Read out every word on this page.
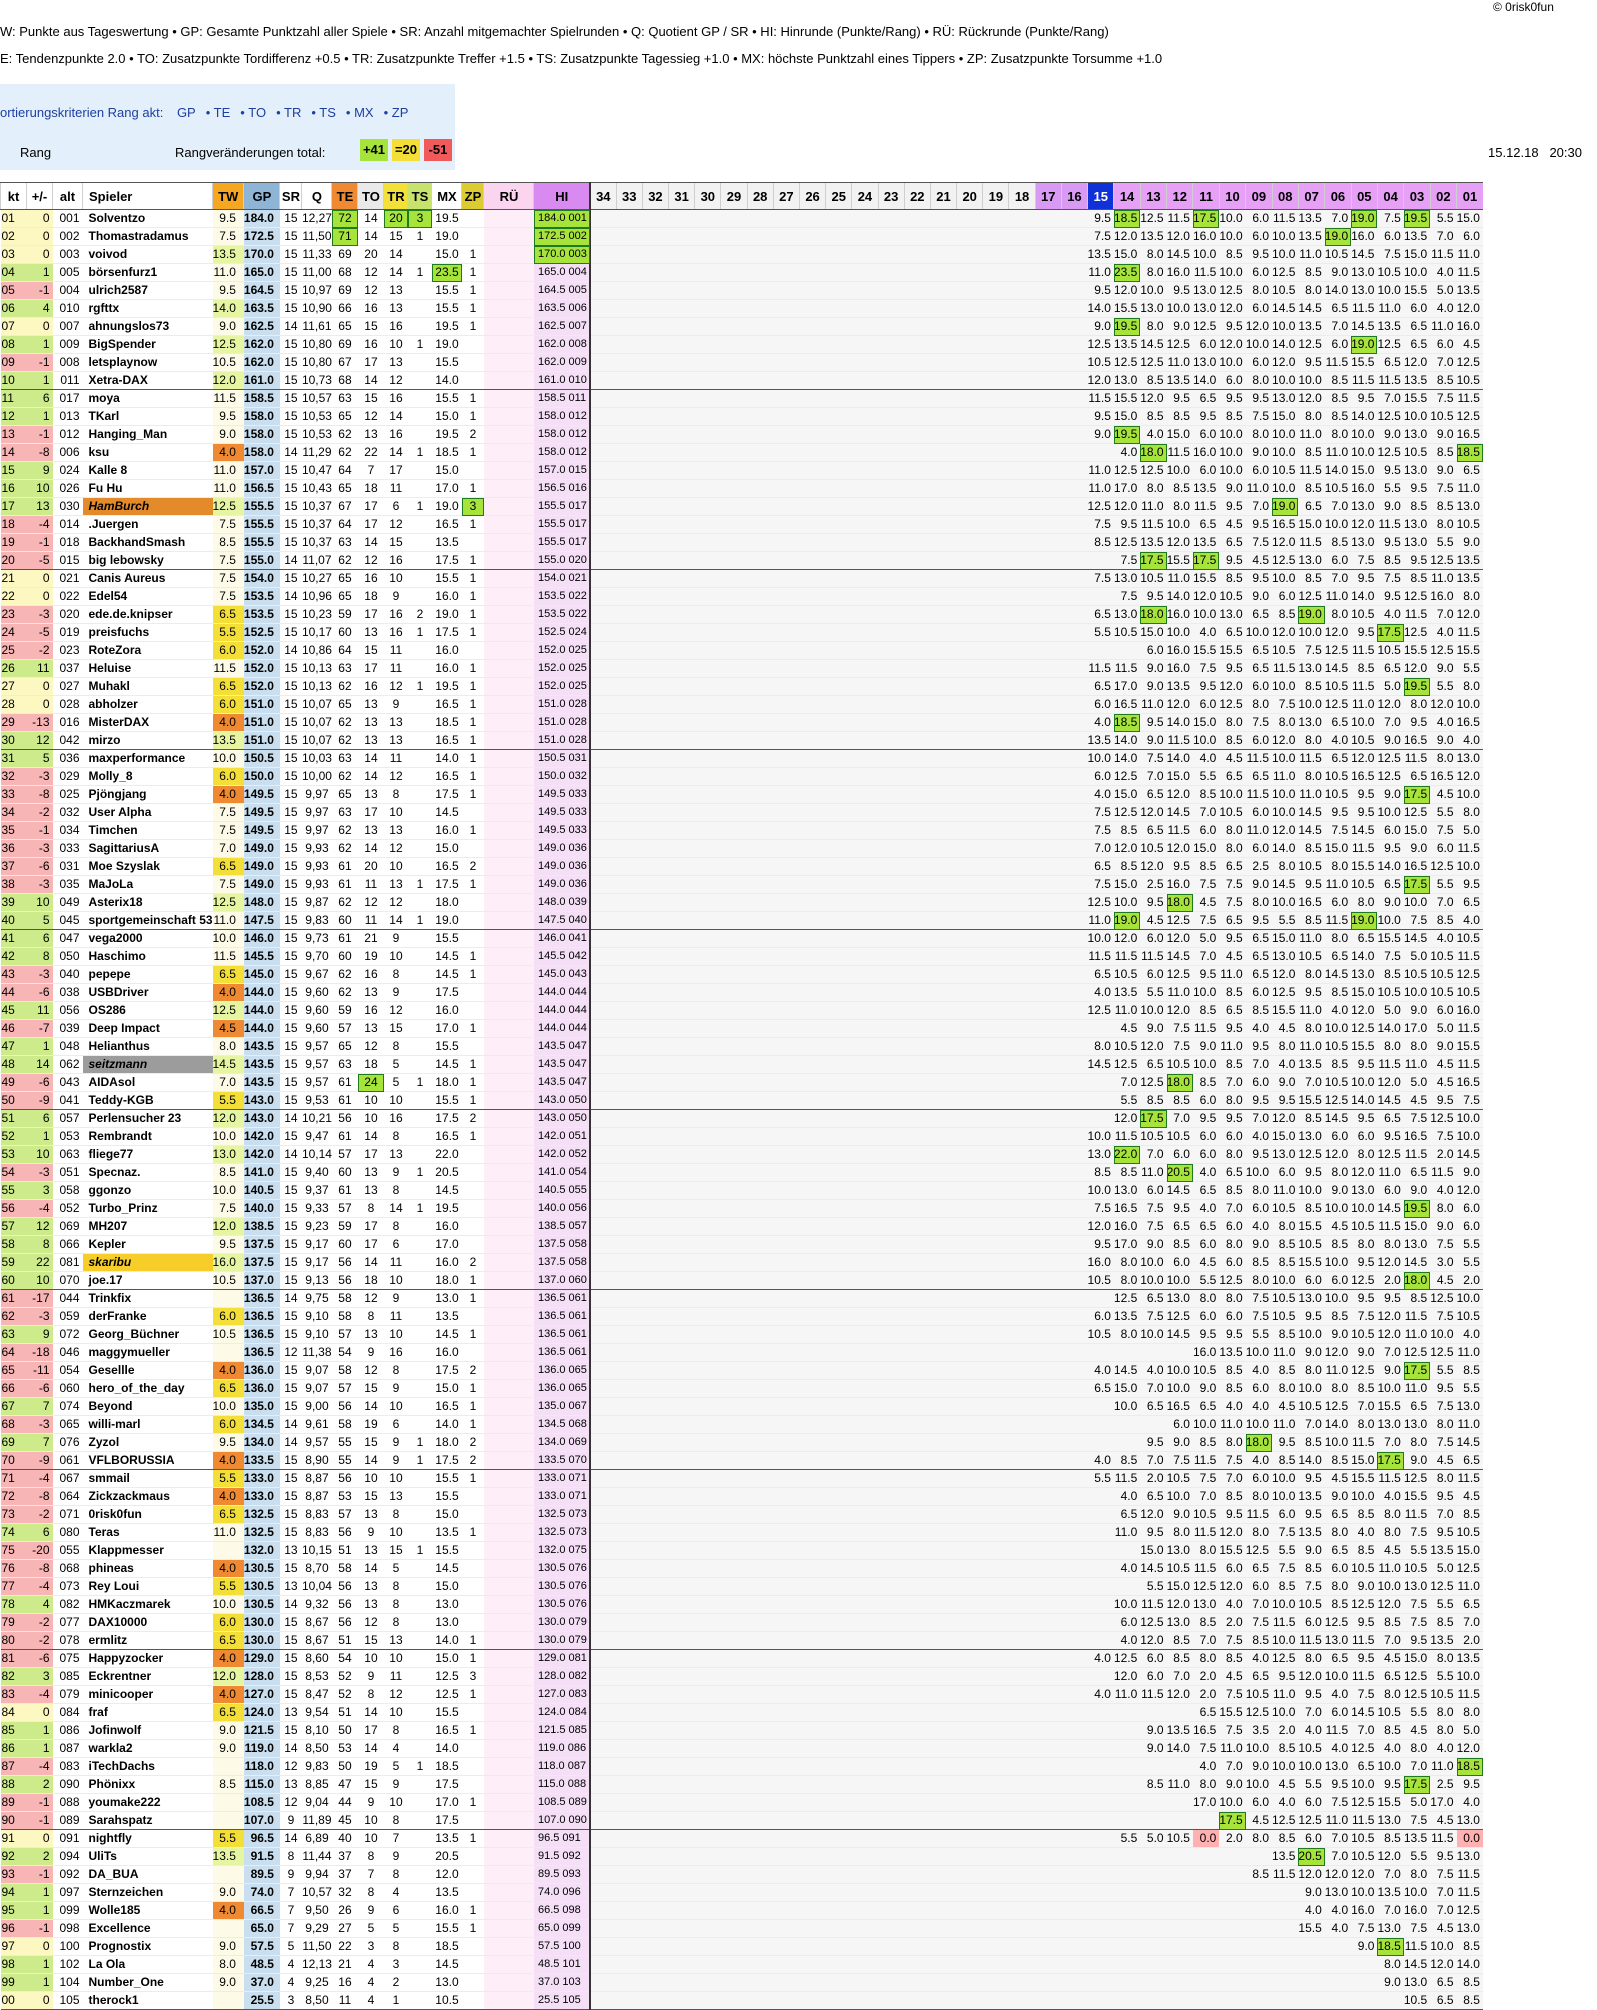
© 0risk0fun
W: Punkte aus Tageswertung • GP: Gesamte Punktzahl aller Spiele • SR: Anzahl mitgemachter Spielrunden • Q: Quotient GP / SR • HI: Hinrunde (Punkte/Rang) • RÜ: Rückrunde (Punkte/Rang)
E: Tendenzpunkte 2.0 • TO: Zusatzpunkte Tordifferenz +0.5 • TR: Zusatzpunkte Treffer +1.5 • TS: Zusatzpunkte Tagessieg +1.0 • MX: höchste Punktzahl eines Tippers • ZP: Zusatzpunkte Torsumme +1.0
ortierungskriterien Rang akt: GP • TE • TO • TR • TS • MX • ZP
Rang	Rangveränderungen total:	+41 =20 -51	15.12.18 20:30
kt	+/-	alt	Spieler	TW	GP	SR	Q	TE	TO	TR	TS	MX	ZP	RÜ	HI	34	33	32	31	30	29	28	27	26	25	24	23	22	21	20	19	18	17	16	15	14	13	12	11	10	09	08	07	06	05	04	03	02	01
01	0	001	Solventzo	9.5	184.0	15	12,27	72	14	20	3	19.5			184.0 001																				9.5	18.5	12.5	11.5	17.5	10.0	6.0	11.5	13.5	7.0	19.0	7.5	19.5	5.5	15.0
02	0	002	Thomastradamus	7.5	172.5	15	11,50	71	14	15	1	19.0			172.5 002																				7.5	12.0	13.5	12.0	16.0	10.0	6.0	10.0	13.5	19.0	16.0	6.0	13.5	7.0	6.0
03	0	003	voivod	13.5	170.0	15	11,33	69	20	14		15.0	1		170.0 003																				13.5	15.0	8.0	14.5	10.0	8.5	9.5	10.0	11.0	10.5	14.5	7.5	15.0	11.5	11.0
04	1	005	börsenfurz1	11.0	165.0	15	11,00	68	12	14	1	23.5	1		165.0 004																				11.0	23.5	8.0	16.0	11.5	10.0	6.0	12.5	8.5	9.0	13.0	10.5	10.0	4.0	11.5
05	-1	004	ulrich2587	9.5	164.5	15	10,97	69	12	13		15.5	1		164.5 005																				9.5	12.0	10.0	9.5	13.0	12.5	8.0	10.5	8.0	14.0	13.0	10.0	15.5	5.0	13.5
06	4	010	rgfttx	14.0	163.5	15	10,90	66	16	13		15.5	1		163.5 006																				14.0	15.5	13.0	10.0	13.0	12.0	6.0	14.5	14.5	6.5	11.5	11.0	6.0	4.0	12.0
07	0	007	ahnungslos73	9.0	162.5	14	11,61	65	15	16		19.5	1		162.5 007																				9.0	19.5	8.0	9.0	12.5	9.5	12.0	10.0	13.5	7.0	14.5	13.5	6.5	11.0	16.0
08	1	009	BigSpender	12.5	162.0	15	10,80	69	16	10	1	19.0			162.0 008																				12.5	13.5	14.5	12.5	6.0	12.0	10.0	14.0	12.5	6.0	19.0	12.5	6.5	6.0	4.5
09	-1	008	letsplaynow	10.5	162.0	15	10,80	67	17	13		15.5			162.0 009																				10.5	12.5	12.5	11.0	13.0	10.0	6.0	12.0	9.5	11.5	15.5	6.5	12.0	7.0	12.5
10	1	011	Xetra-DAX	12.0	161.0	15	10,73	68	14	12		14.0			161.0 010																				12.0	13.0	8.5	13.5	14.0	6.0	8.0	10.0	10.0	8.5	11.5	11.5	13.5	8.5	10.5
11	6	017	moya	11.5	158.5	15	10,57	63	15	16		15.5	1		158.5 011																				11.5	15.5	12.0	9.5	6.5	9.5	9.5	13.0	12.0	8.5	9.5	7.0	15.5	7.5	11.5
12	1	013	TKarl	9.5	158.0	15	10,53	65	12	14		15.0	1		158.0 012																				9.5	15.0	8.5	8.5	9.5	8.5	7.5	15.0	8.0	8.5	14.0	12.5	10.0	10.5	12.5
13	-1	012	Hanging_Man	9.0	158.0	15	10,53	62	13	16		19.5	2		158.0 012																				9.0	19.5	4.0	15.0	6.0	10.0	8.0	10.0	11.0	8.0	10.0	9.0	13.0	9.0	16.5
14	-8	006	ksu	4.0	158.0	14	11,29	62	22	14	1	18.5	1		158.0 012																					4.0	18.0	11.5	16.0	10.0	9.0	10.0	8.5	11.0	10.0	12.5	10.5	8.5	18.5
15	9	024	Kalle 8	11.0	157.0	15	10,47	64	7	17		15.0			157.0 015																				11.0	12.5	12.5	10.0	6.0	10.0	6.0	10.5	11.5	14.0	15.0	9.5	13.0	9.0	6.5
16	10	026	Fu Hu	11.0	156.5	15	10,43	65	18	11		17.0	1		156.5 016																				11.0	17.0	8.0	8.5	13.5	9.0	11.0	10.0	8.5	10.5	16.0	5.5	9.5	7.5	11.0
17	13	030	HamBurch	12.5	155.5	15	10,37	67	17	6	1	19.0	3		155.5 017																				12.5	12.0	11.0	8.0	11.5	9.5	7.0	19.0	6.5	7.0	13.0	9.0	8.5	8.5	13.0
18	-4	014	.Juergen	7.5	155.5	15	10,37	64	17	12		16.5	1		155.5 017																				7.5	9.5	11.5	10.0	6.5	4.5	9.5	16.5	15.0	10.0	12.0	11.5	13.0	8.0	10.5
19	-1	018	BackhandSmash	8.5	155.5	15	10,37	63	14	15		13.5			155.5 017																				8.5	12.5	13.5	12.0	13.5	6.5	7.5	12.0	11.5	8.5	13.0	9.5	13.0	5.5	9.0
20	-5	015	big lebowsky	7.5	155.0	14	11,07	62	12	16		17.5	1		155.0 020																					7.5	17.5	15.5	17.5	9.5	4.5	12.5	13.0	6.0	7.5	8.5	9.5	12.5	13.5
21	0	021	Canis Aureus	7.5	154.0	15	10,27	65	16	10		15.5	1		154.0 021																				7.5	13.0	10.5	11.0	15.5	8.5	9.5	10.0	8.5	7.0	9.5	7.5	8.5	11.0	13.5
22	0	022	Edel54	7.5	153.5	14	10,96	65	18	9		16.0	1		153.5 022																					7.5	9.5	14.0	12.0	10.5	9.0	6.0	12.5	11.0	14.0	9.5	12.5	16.0	8.0
23	-3	020	ede.de.knipser	6.5	153.5	15	10,23	59	17	16	2	19.0	1		153.5 022																				6.5	13.0	18.0	16.0	10.0	13.0	6.5	8.5	19.0	8.0	10.5	4.0	11.5	7.0	12.0
24	-5	019	preisfuchs	5.5	152.5	15	10,17	60	13	16	1	17.5	1		152.5 024																				5.5	10.5	15.0	10.0	4.0	6.5	10.0	12.0	10.0	12.0	9.5	17.5	12.5	4.0	11.5
25	-2	023	RoteZora	6.0	152.0	14	10,86	64	15	11		16.0			152.0 025																						6.0	16.0	15.5	15.5	6.5	10.5	7.5	12.5	11.5	10.5	15.5	12.5	15.5
26	11	037	Heluise	11.5	152.0	15	10,13	63	17	11		16.0	1		152.0 025																				11.5	11.5	9.0	16.0	7.5	9.5	6.5	11.5	13.0	14.5	8.5	6.5	12.0	9.0	5.5
27	0	027	Muhakl	6.5	152.0	15	10,13	62	16	12	1	19.5	1		152.0 025																				6.5	17.0	9.0	13.5	9.5	12.0	6.0	10.0	8.5	10.5	11.5	5.0	19.5	5.5	8.0
28	0	028	abholzer	6.0	151.0	15	10,07	65	13	9		16.5	1		151.0 028																				6.0	16.5	11.0	12.0	6.0	12.5	8.0	7.5	10.0	12.5	11.0	12.0	8.0	12.0	10.0
29	-13	016	MisterDAX	4.0	151.0	15	10,07	62	13	13		18.5	1		151.0 028																				4.0	18.5	9.5	14.0	15.0	8.0	7.5	8.0	13.0	6.5	10.0	7.0	9.5	4.0	16.5
30	12	042	mirzo	13.5	151.0	15	10,07	62	13	13		16.5	1		151.0 028																				13.5	14.0	9.0	11.5	10.0	8.5	6.0	12.0	8.0	4.0	10.5	9.0	16.5	9.0	4.0
31	5	036	maxperformance	10.0	150.5	15	10,03	63	14	11		14.0	1		150.5 031																				10.0	14.0	7.5	14.0	4.0	4.5	11.5	10.0	11.5	6.5	12.0	12.5	11.5	8.0	13.0
32	-3	029	Molly_8	6.0	150.0	15	10,00	62	14	12		16.5	1		150.0 032																				6.0	12.5	7.0	15.0	5.5	6.5	6.5	11.0	8.0	10.5	16.5	12.5	6.5	16.5	12.0
33	-8	025	Pjöngjang	4.0	149.5	15	9,97	65	13	8		17.5	1		149.5 033																				4.0	15.0	6.5	12.0	8.5	10.0	11.5	10.0	11.0	10.5	9.5	9.0	17.5	4.5	10.0
34	-2	032	User Alpha	7.5	149.5	15	9,97	63	17	10		14.5			149.5 033																				7.5	12.5	12.0	14.5	7.0	10.5	6.0	10.0	14.5	9.5	9.5	10.0	12.5	5.5	8.0
35	-1	034	Timchen	7.5	149.5	15	9,97	62	13	13		16.0	1		149.5 033																				7.5	8.5	6.5	11.5	6.0	8.0	11.0	12.0	14.5	7.5	14.5	6.0	15.0	7.5	5.0
36	-3	033	SagittariusA	7.0	149.0	15	9,93	62	14	12		15.0			149.0 036																				7.0	12.0	10.5	12.0	15.0	8.0	6.0	14.0	8.5	15.0	11.5	9.5	9.0	6.0	11.5
37	-6	031	Moe Szyslak	6.5	149.0	15	9,93	61	20	10		16.5	2		149.0 036																				6.5	8.5	12.0	9.5	8.5	6.5	2.5	8.0	10.5	8.0	15.5	14.0	16.5	12.5	10.0
38	-3	035	MaJoLa	7.5	149.0	15	9,93	61	11	13	1	17.5	1		149.0 036																				7.5	15.0	2.5	16.0	7.5	7.5	9.0	14.5	9.5	11.0	10.5	6.5	17.5	5.5	9.5
39	10	049	Asterix18	12.5	148.0	15	9,87	62	12	12		18.0			148.0 039																				12.5	10.0	9.5	18.0	4.5	7.5	8.0	10.0	16.5	6.0	8.0	9.0	10.0	7.0	6.5
40	5	045	sportgemeinschaft 53	11.0	147.5	15	9,83	60	11	14	1	19.0			147.5 040																				11.0	19.0	4.5	12.5	7.5	6.5	9.5	5.5	8.5	11.5	19.0	10.0	7.5	8.5	4.0
41	6	047	vega2000	10.0	146.0	15	9,73	61	21	9		15.5			146.0 041																				10.0	12.0	6.0	12.0	5.0	9.5	6.5	15.0	11.0	8.0	6.5	15.5	14.5	4.0	10.5
42	8	050	Haschimo	11.5	145.5	15	9,70	60	19	10		14.5	1		145.5 042																				11.5	11.5	11.5	14.5	7.0	4.5	6.5	13.0	10.5	6.5	14.0	7.5	5.0	10.5	11.5
43	-3	040	pepepe	6.5	145.0	15	9,67	62	16	8		14.5	1		145.0 043																				6.5	10.5	6.0	12.5	9.5	11.0	6.5	12.0	8.0	14.5	13.0	8.5	10.5	10.5	12.5
44	-6	038	USBDriver	4.0	144.0	15	9,60	62	13	9		17.5			144.0 044																				4.0	13.5	5.5	11.0	10.0	8.5	6.0	12.5	9.5	8.5	15.0	10.5	10.0	10.5	10.5
45	11	056	OS286	12.5	144.0	15	9,60	59	16	12		16.0			144.0 044																				12.5	11.0	10.0	12.0	8.5	6.5	8.5	15.5	11.0	4.0	12.0	5.0	9.0	6.0	16.0
46	-7	039	Deep Impact	4.5	144.0	15	9,60	57	13	15		17.0	1		144.0 044																					4.5	9.0	7.5	11.5	9.5	4.0	4.5	8.0	10.0	12.5	14.0	17.0	5.0	11.5
47	1	048	Helianthus	8.0	143.5	15	9,57	65	12	8		15.5			143.5 047																				8.0	10.5	12.0	7.5	9.0	11.0	9.5	8.0	11.0	10.5	15.5	8.0	8.0	9.0	15.5
48	14	062	seitzmann	14.5	143.5	15	9,57	63	18	5		14.5	1		143.5 047																				14.5	12.5	6.5	10.5	10.0	8.5	7.0	4.0	13.5	8.5	9.5	11.5	11.0	4.5	11.5
49	-6	043	AIDAsol	7.0	143.5	15	9,57	61	24	5	1	18.0	1		143.5 047																					7.0	12.5	18.0	8.5	7.0	6.0	9.0	7.0	10.5	10.0	12.0	5.0	4.5	16.5
50	-9	041	Teddy-KGB	5.5	143.0	15	9,53	61	10	10		15.5	1		143.0 050																					5.5	8.5	8.5	6.0	8.0	9.5	9.5	15.5	12.5	14.0	14.5	4.5	9.5	7.5
51	6	057	Perlensucher 23	12.0	143.0	14	10,21	56	10	16		17.5	2		143.0 050																					12.0	17.5	7.0	9.5	9.5	7.0	12.0	8.5	14.5	9.5	6.5	7.5	12.5	10.0
52	1	053	Rembrandt	10.0	142.0	15	9,47	61	14	8		16.5	1		142.0 051																				10.0	11.5	10.5	10.5	6.0	6.0	4.0	15.0	13.0	6.0	6.0	9.5	16.5	7.5	10.0
53	10	063	fliege77	13.0	142.0	14	10,14	57	17	13		22.0			142.0 052																				13.0	22.0	7.0	6.0	6.0	8.0	9.5	13.0	12.5	12.0	8.0	12.5	11.5	2.0	14.5
54	-3	051	Specnaz.	8.5	141.0	15	9,40	60	13	9	1	20.5			141.0 054																				8.5	8.5	11.0	20.5	4.0	6.5	10.0	6.0	9.5	8.0	12.0	11.0	6.5	11.5	9.0
55	3	058	ggonzo	10.0	140.5	15	9,37	61	13	8		14.5			140.5 055																				10.0	13.0	6.0	14.5	6.5	8.5	8.0	11.0	10.0	9.0	13.0	6.0	9.0	4.0	12.0
56	-4	052	Turbo_Prinz	7.5	140.0	15	9,33	57	8	14	1	19.5			140.0 056																				7.5	16.5	7.5	9.5	4.0	7.0	6.0	10.5	8.5	10.0	10.0	14.5	19.5	8.0	6.0
57	12	069	MH207	12.0	138.5	15	9,23	59	17	8		16.0			138.5 057																				12.0	16.0	7.5	6.5	6.5	6.0	4.0	8.0	15.5	4.5	10.5	11.5	15.0	9.0	6.0
58	8	066	Kepler	9.5	137.5	15	9,17	60	17	6		17.0			137.5 058																				9.5	17.0	9.0	8.5	6.0	8.0	9.0	8.5	10.5	8.5	8.0	8.0	13.0	7.5	5.5
59	22	081	skaribu	16.0	137.5	15	9,17	56	14	11		16.0	2		137.5 058																				16.0	8.0	10.0	6.0	4.5	6.0	8.5	8.5	15.5	10.0	9.5	12.0	14.5	3.0	5.5
60	10	070	joe.17	10.5	137.0	15	9,13	56	18	10		18.0	1		137.0 060																				10.5	8.0	10.0	10.0	5.5	12.5	8.0	10.0	6.0	6.0	12.5	2.0	18.0	4.5	2.0
61	-17	044	Trinkfix		136.5	14	9,75	58	12	9		13.0	1		136.5 061																					12.5	6.5	13.0	8.0	8.0	7.5	10.5	13.0	10.0	9.5	9.5	8.5	12.5	10.0
62	-3	059	derFranke	6.0	136.5	15	9,10	58	8	11		13.5			136.5 061																				6.0	13.5	7.5	12.5	6.0	6.0	7.5	10.5	9.5	8.5	7.5	12.0	11.5	7.5	10.5
63	9	072	Georg_Büchner	10.5	136.5	15	9,10	57	13	10		14.5	1		136.5 061																				10.5	8.0	10.0	14.5	9.5	9.5	5.5	8.5	10.0	9.0	10.5	12.0	11.0	10.0	4.0
64	-18	046	maggymueller		136.5	12	11,38	54	9	16		16.0			136.5 061																								16.0	13.5	10.0	11.0	9.0	12.0	9.0	7.0	12.5	12.5	11.0
65	-11	054	Gesellle	4.0	136.0	15	9,07	58	12	8		17.5	2		136.0 065																				4.0	14.5	4.0	10.0	10.5	8.5	4.0	8.5	8.0	11.0	12.5	9.0	17.5	5.5	8.5
66	-6	060	hero_of_the_day	6.5	136.0	15	9,07	57	15	9		15.0	1		136.0 065																				6.5	15.0	7.0	10.0	9.0	8.5	6.0	8.0	10.0	8.0	8.5	10.0	11.0	9.5	5.5
67	7	074	Beyond	10.0	135.0	15	9,00	56	14	10		16.5	1		135.0 067																					10.0	6.5	16.5	6.5	4.0	4.0	4.5	10.5	12.5	7.0	15.5	6.5	7.5	13.0
68	-3	065	willi-marl	6.0	134.5	14	9,61	58	19	6		14.0	1		134.5 068																							6.0	10.0	11.0	10.0	11.0	7.0	14.0	8.0	13.0	13.0	8.0	11.0
69	7	076	Zyzol	9.5	134.0	14	9,57	55	15	9	1	18.0	2		134.0 069																						9.5	9.0	8.5	8.0	18.0	9.5	8.5	10.0	11.5	7.0	8.0	7.5	14.5
70	-9	061	VFLBORUSSIA	4.0	133.5	15	8,90	55	14	9	1	17.5	2		133.5 070																				4.0	8.5	7.0	7.5	11.5	7.5	4.0	8.5	14.0	8.5	15.0	17.5	9.0	4.5	6.5
71	-4	067	smmail	5.5	133.0	15	8,87	56	10	10		15.5	1		133.0 071																				5.5	11.5	2.0	10.5	7.5	7.0	6.0	10.0	9.5	4.5	15.5	11.5	12.5	8.0	11.5
72	-8	064	Zickzackmaus	4.0	133.0	15	8,87	53	15	13		15.5			133.0 071																					4.0	6.5	10.0	7.0	8.5	8.0	10.0	13.5	9.0	10.0	4.0	15.5	9.5	4.5
73	-2	071	0risk0fun	6.5	132.5	15	8,83	57	13	8		15.0			132.5 073																					6.5	12.0	9.0	10.5	9.5	11.5	6.0	9.5	6.5	8.5	8.0	11.5	7.0	8.5
74	6	080	Teras	11.0	132.5	15	8,83	56	9	10		13.5	1		132.5 073																					11.0	9.5	8.0	11.5	12.0	8.0	7.5	13.5	8.0	4.0	8.0	7.5	9.5	10.5
75	-20	055	Klappmesser		132.0	13	10,15	51	13	15	1	15.5			132.0 075																						15.0	13.0	8.0	15.5	12.5	5.5	9.0	6.5	8.5	4.5	5.5	13.5	15.0
76	-8	068	phineas	4.0	130.5	15	8,70	58	14	5		14.5			130.5 076																					4.0	14.5	10.5	11.5	6.0	6.5	7.5	8.5	6.0	10.5	11.0	10.5	5.0	12.5
77	-4	073	Rey Loui	5.5	130.5	13	10,04	56	13	8		15.0			130.5 076																						5.5	15.0	12.5	12.0	6.0	8.5	7.5	8.0	9.0	10.0	13.0	12.5	11.0
78	4	082	HMKaczmarek	10.0	130.5	14	9,32	56	13	8		13.0			130.5 076																					10.0	11.5	12.0	13.0	4.0	7.0	10.0	10.5	8.5	12.5	12.0	7.5	5.5	6.5
79	-2	077	DAX10000	6.0	130.0	15	8,67	56	12	8		13.0			130.0 079																					6.0	12.5	13.0	8.5	2.0	7.5	11.5	6.0	12.5	9.5	8.5	7.5	8.5	7.0
80	-2	078	ermlitz	6.5	130.0	15	8,67	51	15	13		14.0	1		130.0 079																					4.0	12.0	8.5	7.0	7.5	8.5	10.0	11.5	13.0	11.5	7.0	9.5	13.5	2.0
81	-6	075	Happyzocker	4.0	129.0	15	8,60	54	10	10		15.0	1		129.0 081																				4.0	12.5	6.0	8.5	8.0	8.5	4.0	12.5	8.0	6.5	9.5	4.5	15.0	8.0	13.5
82	3	085	Eckrentner	12.0	128.0	15	8,53	52	9	11		12.5	3		128.0 082																					12.0	6.0	7.0	2.0	4.5	6.5	9.5	12.0	10.0	11.5	6.5	12.5	5.5	10.0
83	-4	079	minicooper	4.0	127.0	15	8,47	52	8	12		12.5	1		127.0 083																				4.0	11.0	11.5	12.0	2.0	7.5	10.5	11.0	9.5	4.0	7.5	8.0	12.5	10.5	11.5
84	0	084	fraf	6.5	124.0	13	9,54	51	14	10		15.5			124.0 084																								6.5	15.5	12.5	10.0	7.0	6.0	14.5	10.5	5.5	8.0	8.0
85	1	086	Jofinwolf	9.0	121.5	15	8,10	50	17	8		16.5	1		121.5 085																						9.0	13.5	16.5	7.5	3.5	2.0	4.0	11.5	7.0	8.5	4.5	8.0	5.0
86	1	087	warkla2	9.0	119.0	14	8,50	53	14	4		14.0			119.0 086																						9.0	14.0	7.5	11.0	10.0	8.5	10.5	4.0	12.5	4.0	8.0	4.0	12.0
87	-4	083	iTechDachs		118.0	12	9,83	50	19	5	1	18.5			118.0 087																								4.0	7.0	9.0	10.0	10.0	13.0	6.5	10.0	7.0	11.0	18.5
88	2	090	Phönixx	8.5	115.0	13	8,85	47	15	9		17.5			115.0 088																						8.5	11.0	8.0	9.0	10.0	4.5	5.5	9.5	10.0	9.5	17.5	2.5	9.5
89	-1	088	youmake222		108.5	12	9,04	44	9	10		17.0	1		108.5 089																								17.0	10.0	6.0	4.0	6.0	7.5	12.5	15.5	5.0	17.0	4.0
90	-1	089	Sarahspatz		107.0	9	11,89	45	10	8		17.5			107.0 090																									17.5	4.5	12.5	12.5	11.0	11.5	13.0	7.5	4.5	13.0
91	0	091	nightfly	5.5	96.5	14	6,89	40	10	7		13.5	1		96.5 091																					5.5	5.0	10.5	0.0	2.0	8.0	8.5	6.0	7.0	10.5	8.5	13.5	11.5	0.0
92	2	094	UliTs	13.5	91.5	8	11,44	37	8	9		20.5			91.5 092																											13.5	20.5	7.0	10.5	12.0	5.5	9.5	13.0
93	-1	092	DA_BUA		89.5	9	9,94	37	7	8		12.0			89.5 093																										8.5	11.5	12.0	12.0	12.0	7.0	8.0	7.5	11.5
94	1	097	Sternzeichen	9.0	74.0	7	10,57	32	8	4		13.5			74.0 096																												9.0	13.0	10.0	13.5	10.0	7.0	11.5
95	1	099	Wolle185	4.0	66.5	7	9,50	26	9	6		16.0	1		66.5 098																												4.0	4.0	16.0	7.0	16.0	7.0	12.5
96	-1	098	Excellence		65.0	7	9,29	27	5	5		15.5	1		65.0 099																												15.5	4.0	7.5	13.0	7.5	4.5	13.0
97	0	100	Prognostix	9.0	57.5	5	11,50	22	3	8		18.5			57.5 100																														9.0	18.5	11.5	10.0	8.5
98	1	102	La Ola	8.0	48.5	4	12,13	21	4	3		14.5			48.5 101																															8.0	14.5	12.0	14.0
99	1	104	Number_One	9.0	37.0	4	9,25	16	4	2		13.0			37.0 103																															9.0	13.0	6.5	8.5
00	0	105	therock1		25.5	3	8,50	11	4	1		10.5			25.5 105																																10.5	6.5	8.5
